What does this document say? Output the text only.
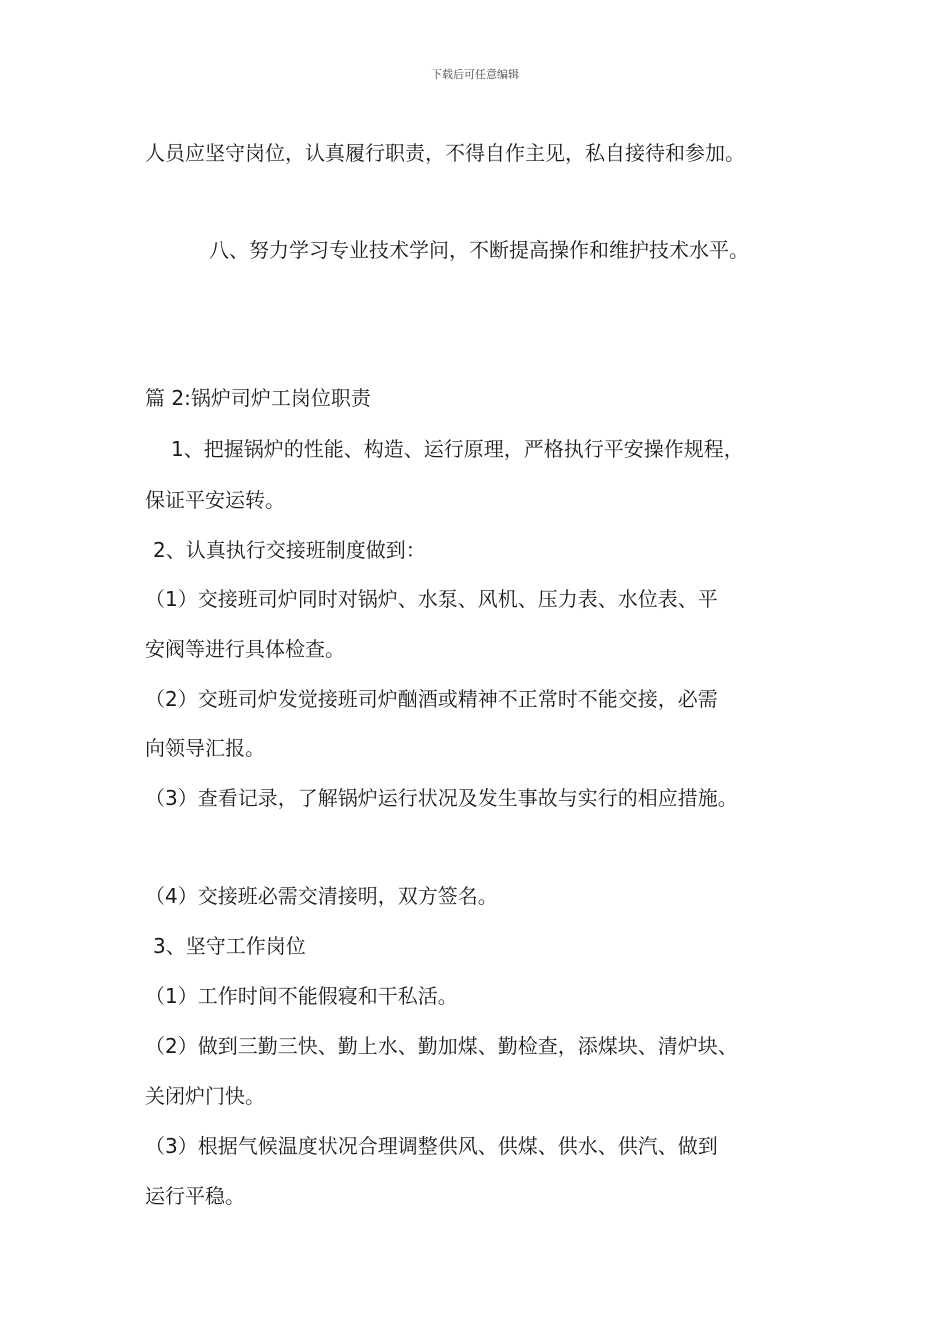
下载后可任意编辑
人员应坚守岗位，认真履行职责，不得自作主见，私自接待和参加。
八、努力学习专业技术学问，不断提高操作和维护技术水平。
篇 2:锅炉司炉工岗位职责
1、把握锅炉的性能、构造、运行原理，严格执行平安操作规程，
保证平安运转。
2、认真执行交接班制度做到：
（1）交接班司炉同时对锅炉、水泵、风机、压力表、水位表、平
安阀等进行具体检查。
（2）交班司炉发觉接班司炉酗酒或精神不正常时不能交接，必需
向领导汇报。
（3）查看记录，了解锅炉运行状况及发生事故与实行的相应措施。
（4）交接班必需交清接明，双方签名。
3、坚守工作岗位
（1）工作时间不能假寝和干私活。
（2）做到三勤三快、勤上水、勤加煤、勤检查，添煤块、清炉块、
关闭炉门快。
（3）根据气候温度状况合理调整供风、供煤、供水、供汽、做到
运行平稳。
